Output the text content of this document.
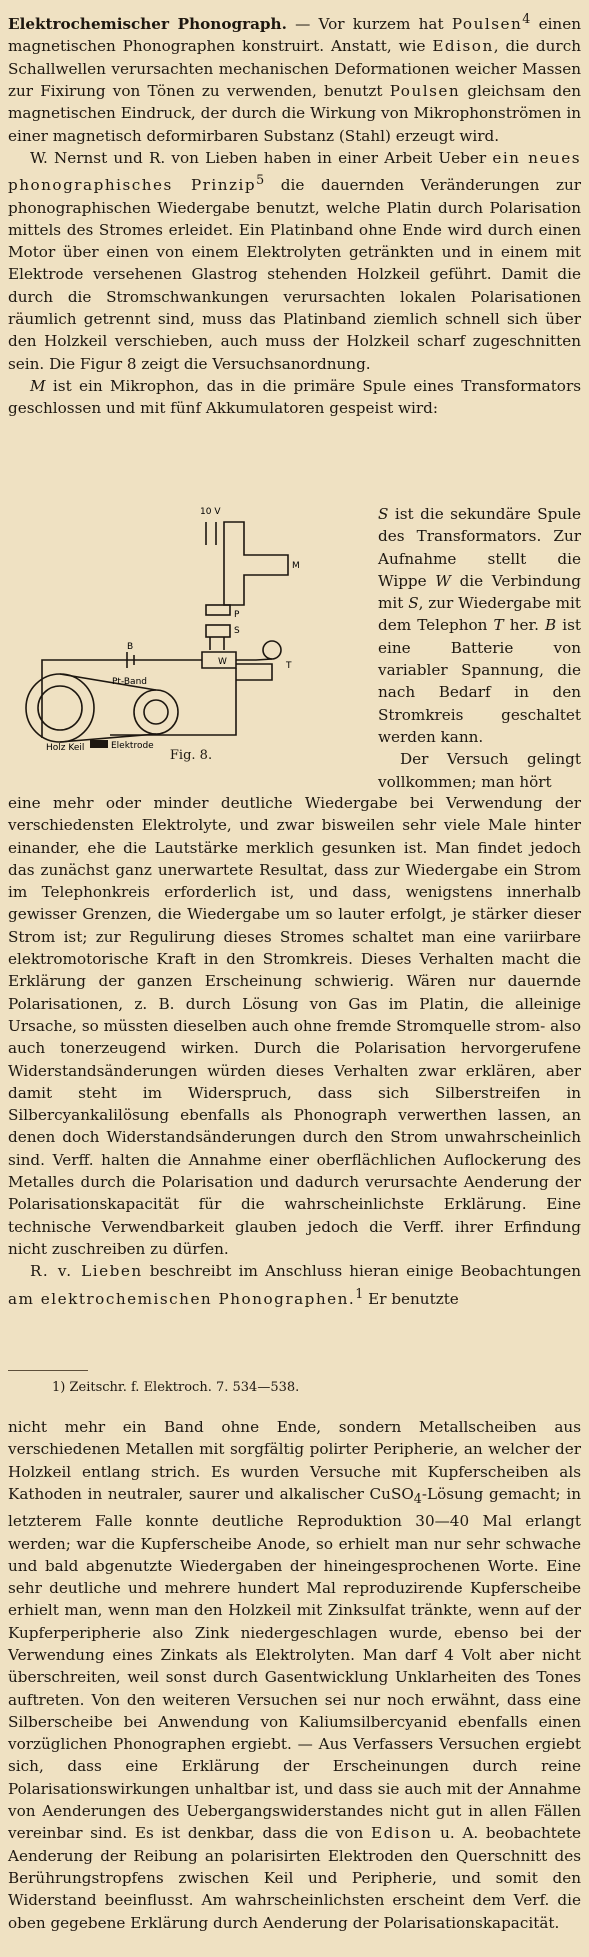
Elektrochemischer Phonograph. — Vor kurzem hat Poulsen$^4$ einen magnetischen Phonographen konstruirt. Anstatt, wie Edison, die durch Schallwellen verursachten mechanischen Deformationen weicher Massen zur Fixirung von Tönen zu verwenden, benutzt Poulsen gleichsam den magnetischen Eindruck, der durch die Wirkung von Mikrophonströmen in einer magnetisch deformirbaren Substanz (Stahl) erzeugt wird.

W. Nernst und R. von Lieben haben in einer Arbeit Ueber ein neues phonographisches Prinzip$^5$ die dauernden Veränderungen zur phonographischen Wiedergabe benutzt, welche Platin durch Polarisation mittels des Stromes erleidet. Ein Platinband ohne Ende wird durch einen Motor über einen von einem Elektrolyten getränkten und in einem mit Elektrode versehenen Glastrog stehenden Holzkeil geführt. Damit die durch die Stromschwankungen verursachten lokalen Polarisationen räumlich getrennt sind, muss das Platinband ziemlich schnell sich über den Holzkeil verschieben, auch muss der Holzkeil scharf zugeschnitten sein. Die Figur 8 zeigt die Versuchsanordnung.

M ist ein Mikrophon, das in die primäre Spule eines Transformators geschlossen und mit fünf Akkumulatoren gespeist wird:

10 V
M
P
S
B
W	T
Pt-Band
Holz Keil	Elektrode
Fig. 8.
S ist die sekundäre Spule des Transformators. Zur Aufnahme stellt die Wippe W die Verbindung mit S, zur Wiedergabe mit dem Telephon T her. B ist eine Batterie von variabler Spannung, die nach Bedarf in den Stromkreis geschaltet werden kann.
Der Versuch gelingt vollkommen; man hört

eine mehr oder minder deutliche Wiedergabe bei Verwendung der verschiedensten Elektrolyte, und zwar bisweilen sehr viele Male hinter einander, ehe die Lautstärke merklich gesunken ist. Man findet jedoch das zunächst ganz unerwartete Resultat, dass zur Wiedergabe ein Strom im Telephonkreis erforderlich ist, und dass, wenigstens innerhalb gewisser Grenzen, die Wiedergabe um so lauter erfolgt, je stärker dieser Strom ist; zur Regulirung dieses Stromes schaltet man eine variirbare elektromotorische Kraft in den Stromkreis. Dieses Verhalten macht die Erklärung der ganzen Erscheinung schwierig. Wären nur dauernde Polarisationen, z. B. durch Lösung von Gas im Platin, die alleinige Ursache, so müssten dieselben auch ohne fremde Stromquelle strom- also auch tonerzeugend wirken. Durch die Polarisation hervorgerufene Widerstandsänderungen würden dieses Verhalten zwar erklären, aber damit steht im Widerspruch, dass sich Silberstreifen in Silbercyankalilösung ebenfalls als Phonograph verwerthen lassen, an denen doch Widerstandsänderungen durch den Strom unwahrscheinlich sind. Verff. halten die Annahme einer oberflächlichen Auflockerung des Metalles durch die Polarisation und dadurch verursachte Aenderung der Polarisationskapacität für die wahrscheinlichste Erklärung. Eine technische Verwendbarkeit glauben jedoch die Verff. ihrer Erfindung nicht zuschreiben zu dürfen.

R. v. Lieben beschreibt im Anschluss hieran einige Beobachtungen am elektrochemischen Phonographen.$^1$ Er benutzte

1) Zeitschr. f. Elektroch. 7. 534—538.

nicht mehr ein Band ohne Ende, sondern Metallscheiben aus verschiedenen Metallen mit sorgfältig polirter Peripherie, an welcher der Holzkeil entlang strich. Es wurden Versuche mit Kupferscheiben als Kathoden in neutraler, saurer und alkalischer CuSO$_4$-Lösung gemacht; in letzterem Falle konnte deutliche Reproduktion 30—40 Mal erlangt werden; war die Kupferscheibe Anode, so erhielt man nur sehr schwache und bald abgenutzte Wiedergaben der hineingesprochenen Worte. Eine sehr deutliche und mehrere hundert Mal reproduzirende Kupferscheibe erhielt man, wenn man den Holzkeil mit Zinksulfat tränkte, wenn auf der Kupferperipherie also Zink niedergeschlagen wurde, ebenso bei der Verwendung eines Zinkats als Elektrolyten. Man darf 4 Volt aber nicht überschreiten, weil sonst durch Gasentwicklung Unklarheiten des Tones auftreten. Von den weiteren Versuchen sei nur noch erwähnt, dass eine Silberscheibe bei Anwendung von Kaliumsilbercyanid ebenfalls einen vorzüglichen Phonographen ergiebt. — Aus Verfassers Versuchen ergiebt sich, dass eine Erklärung der Erscheinungen durch reine Polarisationswirkungen unhaltbar ist, und dass sie auch mit der Annahme von Aenderungen des Uebergangswiderstandes nicht gut in allen Fällen vereinbar sind. Es ist denkbar, dass die von Edison u. A. beobachtete Aenderung der Reibung an polarisirten Elektroden den Querschnitt des Berührungstropfens zwischen Keil und Peripherie, und somit den Widerstand beeinflusst. Am wahrscheinlichsten erscheint dem Verf. die oben gegebene Erklärung durch Aenderung der Polarisationskapacität.
